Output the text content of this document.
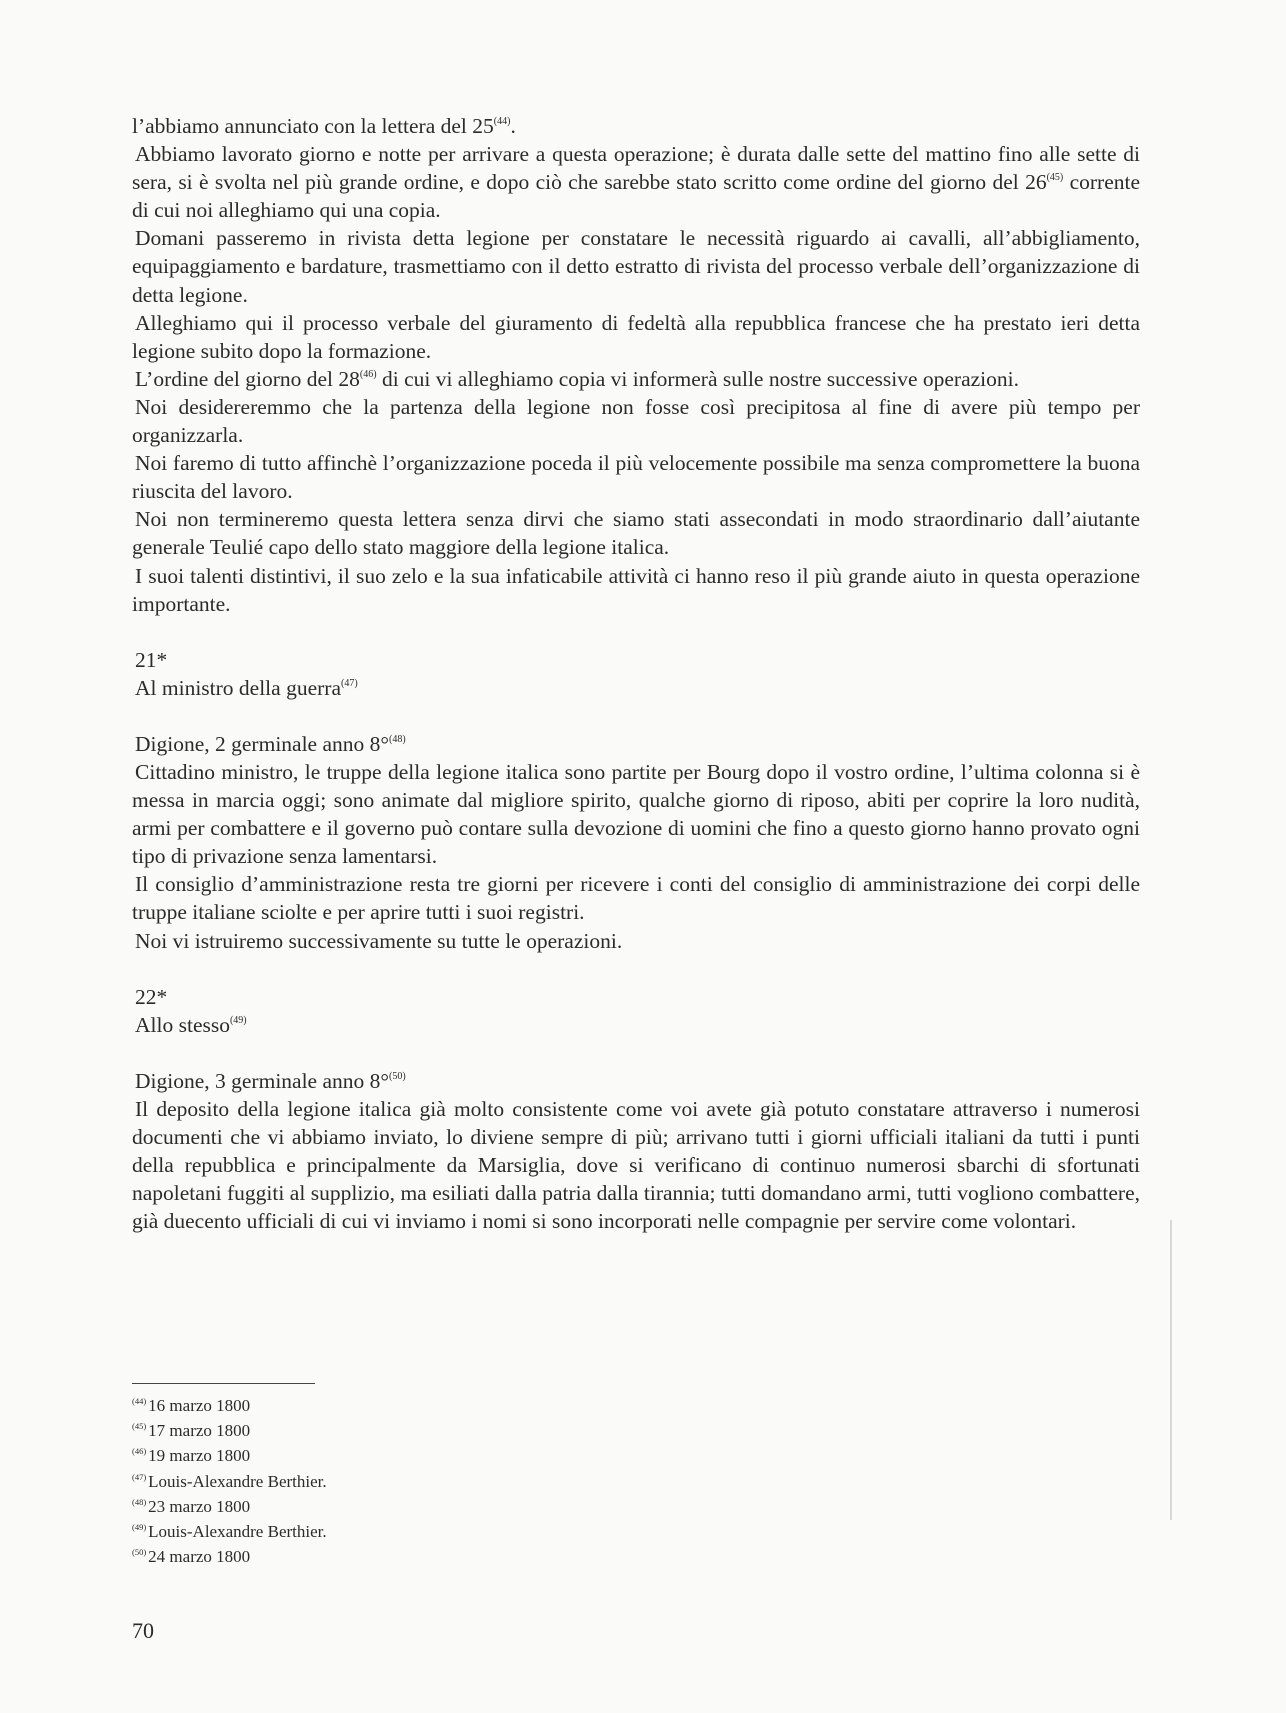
l’abbiamo annunciato con la lettera del 25$^{(44)}$.

Abbiamo lavorato giorno e notte per arrivare a questa operazione; è durata dalle sette del mattino fino alle sette di sera, si è svolta nel più grande ordine, e dopo ciò che sarebbe stato scritto come ordine del giorno del 26$^{(45)}$ corrente di cui noi alleghiamo qui una copia.

Domani passeremo in rivista detta legione per constatare le necessità riguardo ai cavalli, all’abbigliamento, equipaggiamento e bardature, trasmettiamo con il detto estratto di rivista del processo verbale dell’organizzazione di detta legione.

Alleghiamo qui il processo verbale del giuramento di fedeltà alla repubblica francese che ha prestato ieri detta legione subito dopo la formazione.

L’ordine del giorno del 28$^{(46)}$ di cui vi alleghiamo copia vi informerà sulle nostre successive operazioni.

Noi desidereremmo che la partenza della legione non fosse così precipitosa al fine di avere più tempo per organizzarla.

Noi faremo di tutto affinchè l’organizzazione poceda il più velocemente possibile ma senza compromettere la buona riuscita del lavoro.

Noi non termineremo questa lettera senza dirvi che siamo stati assecondati in modo straordinario dall’aiutante generale Teulié capo dello stato maggiore della legione italica.

I suoi talenti distintivi, il suo zelo e la sua infaticabile attività ci hanno reso il più grande aiuto in questa operazione importante.

21*

Al ministro della guerra$^{(47)}$

Digione, 2 germinale anno 8°$^{(48)}$

Cittadino ministro, le truppe della legione italica sono partite per Bourg dopo il vostro ordine, l’ultima colonna si è messa in marcia oggi; sono animate dal migliore spirito, qualche giorno di riposo, abiti per coprire la loro nudità, armi per combattere e il governo può contare sulla devozione di uomini che fino a questo giorno hanno provato ogni tipo di privazione senza lamentarsi.

Il consiglio d’amministrazione resta tre giorni per ricevere i conti del consiglio di amministrazione dei corpi delle truppe italiane sciolte e per aprire tutti i suoi registri.

Noi vi istruiremo successivamente su tutte le operazioni.

22*

Allo stesso$^{(49)}$

Digione, 3 germinale anno 8°$^{(50)}$

Il deposito della legione italica già molto consistente come voi avete già potuto constatare attraverso i numerosi documenti che vi abbiamo inviato, lo diviene sempre di più; arrivano tutti i giorni ufficiali italiani da tutti i punti della repubblica e principalmente da Marsiglia, dove si verificano di continuo numerosi sbarchi di sfortunati napoletani fuggiti al supplizio, ma esiliati dalla patria dalla tirannia; tutti domandano armi, tutti vogliono combattere, già duecento ufficiali di cui vi inviamo i nomi si sono incorporati nelle compagnie per servire come volontari.

$^{(44)}$ 16 marzo 1800
$^{(45)}$ 17 marzo 1800
$^{(46)}$ 19 marzo 1800
$^{(47)}$ Louis-Alexandre Berthier.
$^{(48)}$ 23 marzo 1800
$^{(49)}$ Louis-Alexandre Berthier.
$^{(50)}$ 24 marzo 1800
70
